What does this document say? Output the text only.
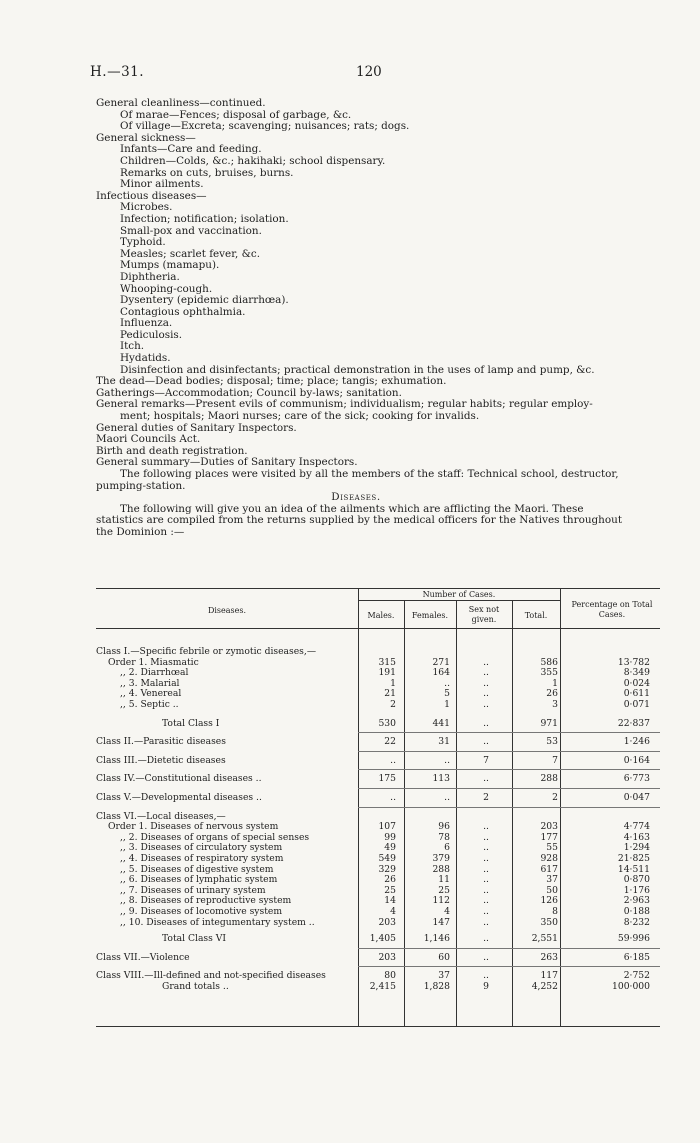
H.—31.	120
General cleanliness—continued.
Of marae—Fences; disposal of garbage, &c.
Of village—Excreta; scavenging; nuisances; rats; dogs.
General sickness—
Infants—Care and feeding.
Children—Colds, &c.; hakihaki; school dispensary.
Remarks on cuts, bruises, burns.
Minor ailments.
Infectious diseases—
Microbes.
Infection; notification; isolation.
Small-pox and vaccination.
Typhoid.
Measles; scarlet fever, &c.
Mumps (mamapu).
Diphtheria.
Whooping-cough.
Dysentery (epidemic diarrhœa).
Contagious ophthalmia.
Influenza.
Pediculosis.
Itch.
Hydatids.
Disinfection and disinfectants; practical demonstration in the uses of lamp and pump, &c.
The dead—Dead bodies; disposal; time; place; tangis; exhumation.
Gatherings—Accommodation; Council by-laws; sanitation.
General remarks—Present evils of communism; individualism; regular habits; regular employ-
ment; hospitals; Maori nurses; care of the sick; cooking for invalids.
General duties of Sanitary Inspectors.
Maori Councils Act.
Birth and death registration.
General summary—Duties of Sanitary Inspectors.
The following places were visited by all the members of the staff: Technical school, destructor,
pumping-station.
Diseases.
The following will give you an idea of the ailments which are afflicting the Maori. These
statistics are compiled from the returns supplied by the medical officers for the Natives throughout
the Dominion :—
Diseases.
Number of Cases.
Males.	Females.
Sex not given.	Total.
Percentage on Total Cases.
Class I.—Specific febrile or zymotic diseases,—
Order 1. Miasmatic	315	271	..	586	13·782
,, 2. Diarrhœal	191	164	..	355	8·349
,, 3. Malarial	1	..	..	1	0·024
,, 4. Venereal	21	5	..	26	0·611
,, 5. Septic ..	2	1	..	3	0·071
Total Class I	530	441	..	971	22·837
Class II.—Parasitic diseases	22	31	..	53	1·246
Class III.—Dietetic diseases	..	..	7	7	0·164
Class IV.—Constitutional diseases ..	175	113	..	288	6·773
Class V.—Developmental diseases ..	..	..	2	2	0·047
Class VI.—Local diseases,—
Order 1. Diseases of nervous system	107	96	..	203	4·774
,, 2. Diseases of organs of special senses	99	78	..	177	4·163
,, 3. Diseases of circulatory system	49	6	..	55	1·294
,, 4. Diseases of respiratory system	549	379	..	928	21·825
,, 5. Diseases of digestive system	329	288	..	617	14·511
,, 6. Diseases of lymphatic system	26	11	..	37	0·870
,, 7. Diseases of urinary system	25	25	..	50	1·176
,, 8. Diseases of reproductive system	14	112	..	126	2·963
,, 9. Diseases of locomotive system	4	4	..	8	0·188
,, 10. Diseases of integumentary system ..	203	147	..	350	8·232
Total Class VI	1,405	1,146	..	2,551	59·996
Class VII.—Violence	203	60	..	263	6·185
Class VIII.—Ill-defined and not-specified diseases	80	37	..	117	2·752
Grand totals ..	2,415	1,828	9	4,252	100·000
